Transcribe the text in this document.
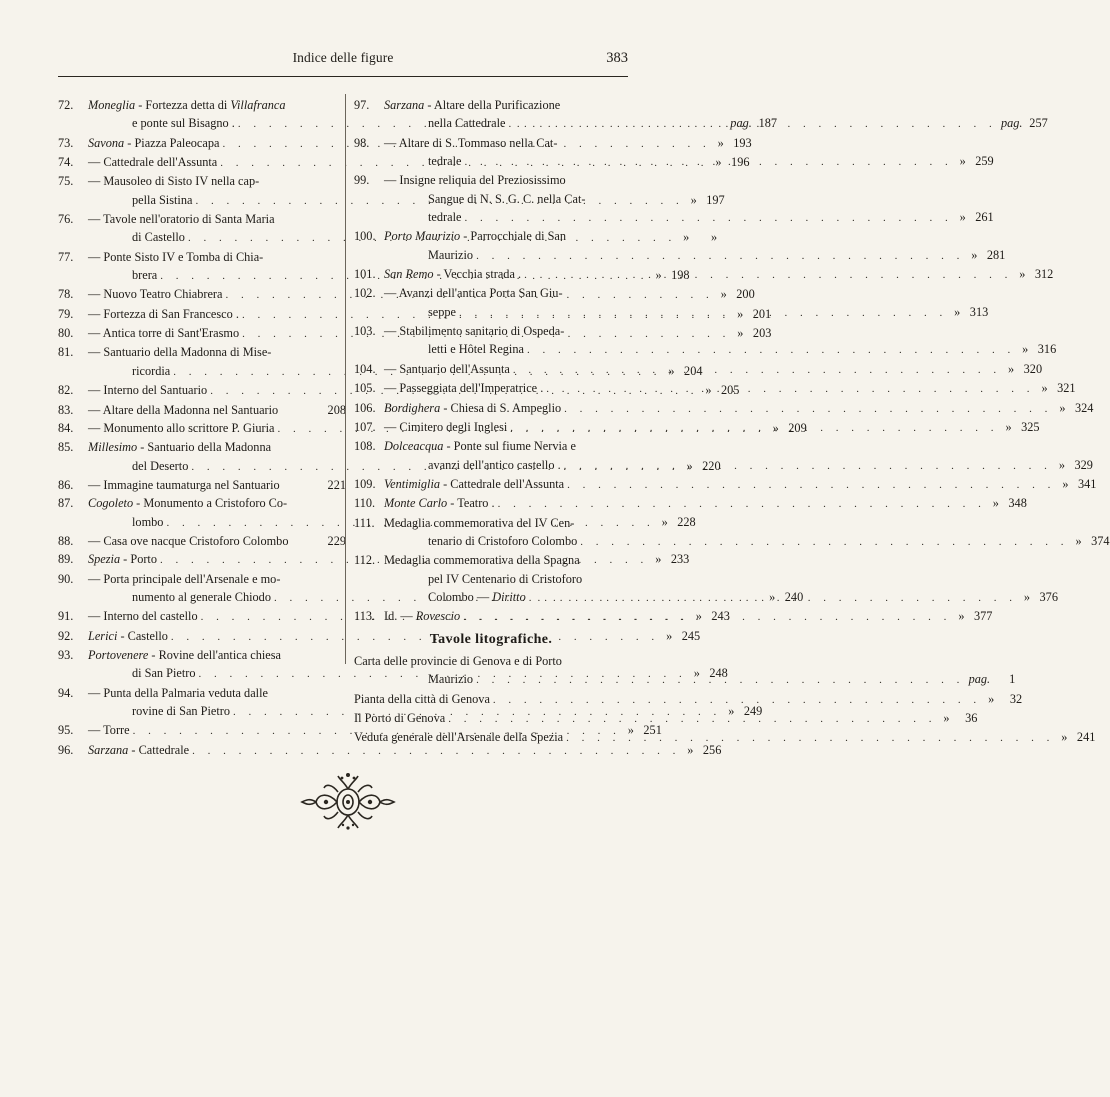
Indice delle figure	383
72.	Moneglia - Fortezza detta di Villafranca
e ponte sul Bisagno . . . .	pag. 187
73.	Savona - Piazza Paleocapa . . .	» 193
74.	— Cattedrale dell'Assunta . . .	» 196
75.	— Mausoleo di Sisto IV nella cap-
pella Sistina . . .	» 197
76.	— Tavole nell'oratorio di Santa Maria
di Castello . . .	» »
77.	— Ponte Sisto IV e Tomba di Chia-
brera . . .	» 198
78.	— Nuovo Teatro Chiabrera . . .	» 200
79.	— Fortezza di San Francesco . . . .	» 201
80.	— Antica torre di Sant'Erasmo . . .	» 203
81.	— Santuario della Madonna di Mise-
ricordia . . .	» 204
82.	— Interno del Santuario . . .	» 205
83.	— Altare della Madonna nel Santuario	208
84.	— Monumento allo scrittore P. Giuria . . .	» 209
85.	Millesimo - Santuario della Madonna
del Deserto . . .	» 220
86.	— Immagine taumaturga nel Santuario	221
87.	Cogoleto - Monumento a Cristoforo Co-
lombo . . .	» 228
88.	— Casa ove nacque Cristoforo Colombo	229
89.	Spezia - Porto . . .	» 233
90.	— Porta principale dell'Arsenale e mo-
numento al generale Chiodo . . .	» 240
91.	— Interno del castello . . .	» 243
92.	Lerici - Castello . . .	» 245
93.	Portovenere - Rovine dell'antica chiesa
di San Pietro . . .	» 248
94.	— Punta della Palmaria veduta dalle
rovine di San Pietro . . .	» 249
95.	— Torre . . .	» 251
96.	Sarzana - Cattedrale . . .	» 256
97.	Sarzana - Altare della Purificazione
nella Cattedrale . . .	pag. 257
98.	— Altare di S. Tommaso nella Cat-
tedrale . . .	» 259
99.	— Insigne reliquia del Preziosissimo
Sangue di N. S. G. C. nella Cat-
tedrale . . .	» 261
100. Porto Maurizio - Parrocchiale di San
Maurizio . . .	» 281
101. San Remo - Vecchia strada . . . .	» 312
102. — Avanzi dell'antica Porta San Giu-
seppe . . .	» 313
103. — Stabilimento sanitario di Ospeda-
letti e Hôtel Regina . . .	» 316
104. — Santuario dell'Assunta . . .	» 320
105. — Passeggiata dell'Imperatrice . . . .	» 321
106. Bordighera - Chiesa di S. Ampeglio . . .	» 324
107. — Cimitero degli Inglesi . . .	» 325
108. Dolceacqua - Ponte sul fiume Nervia e
avanzi dell'antico castello . . . .	» 329
109. Ventimiglia - Cattedrale dell'Assunta . . .	» 341
110. Monte Carlo - Teatro . . . .	» 348
111. Medaglia commemorativa del IV Cen-
tenario di Cristoforo Colombo . . .	» 374
112. Medaglia commemorativa della Spagna
pel IV Centenario di Cristoforo
Colombo — Diritto . . .	» 376
113. Id. — Rovescio . . .	» 377
Tavole litografiche.
Carta delle provincie di Genova e di Porto
Maurizio . . .	pag. 1
Pianta della città di Genova . . .	» 32
Il Porto di Genova . . .	» 36
Veduta generale dell'Arsenale della Spezia . . .	» 241
